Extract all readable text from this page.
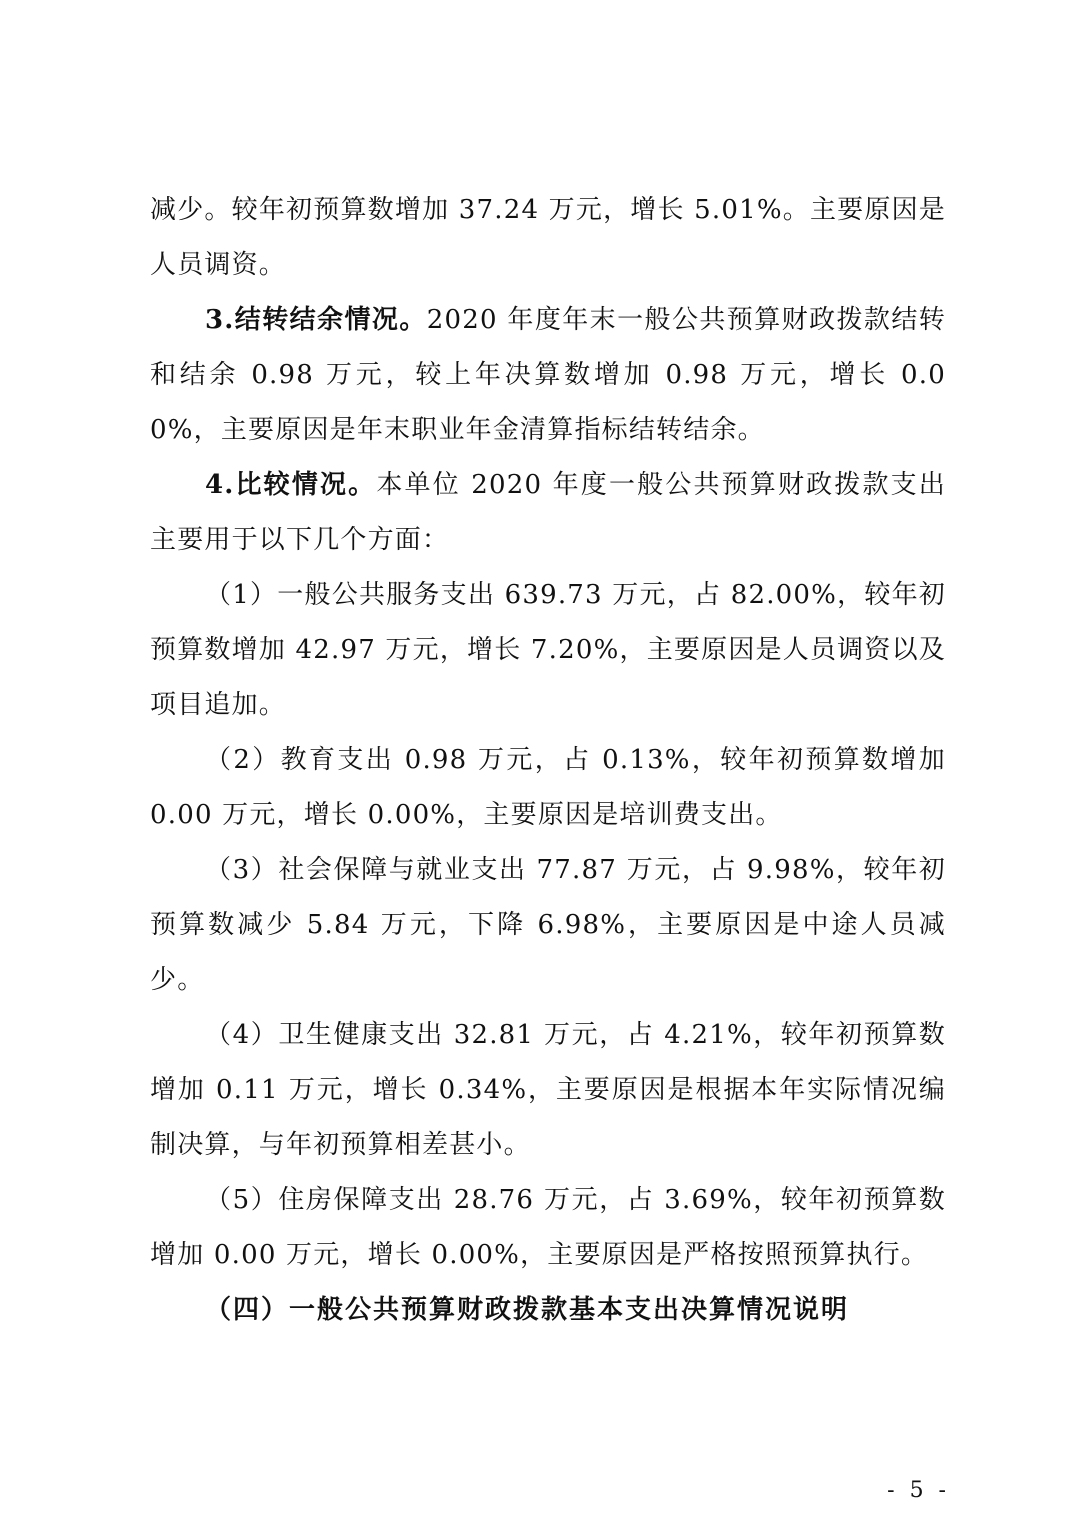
减少。较年初预算数增加 37.24 万元，增长 5.01%。主要原因是人员调资。

3.结转结余情况。2020 年度年末一般公共预算财政拨款结转和结余 0.98 万元，较上年决算数增加 0.98 万元，增长 0.00%，主要原因是年末职业年金清算指标结转结余。

4.比较情况。本单位 2020 年度一般公共预算财政拨款支出主要用于以下几个方面：

（1）一般公共服务支出 639.73 万元，占 82.00%，较年初预算数增加 42.97 万元，增长 7.20%，主要原因是人员调资以及项目追加。

（2）教育支出 0.98 万元，占 0.13%，较年初预算数增加 0.00 万元，增长 0.00%，主要原因是培训费支出。

（3）社会保障与就业支出 77.87 万元，占 9.98%，较年初预算数减少 5.84 万元，下降 6.98%，主要原因是中途人员减少。

（4）卫生健康支出 32.81 万元，占 4.21%，较年初预算数增加 0.11 万元，增长 0.34%，主要原因是根据本年实际情况编制决算，与年初预算相差甚小。

（5）住房保障支出 28.76 万元，占 3.69%，较年初预算数增加 0.00 万元，增长 0.00%，主要原因是严格按照预算执行。

（四）一般公共预算财政拨款基本支出决算情况说明

- 5 -
